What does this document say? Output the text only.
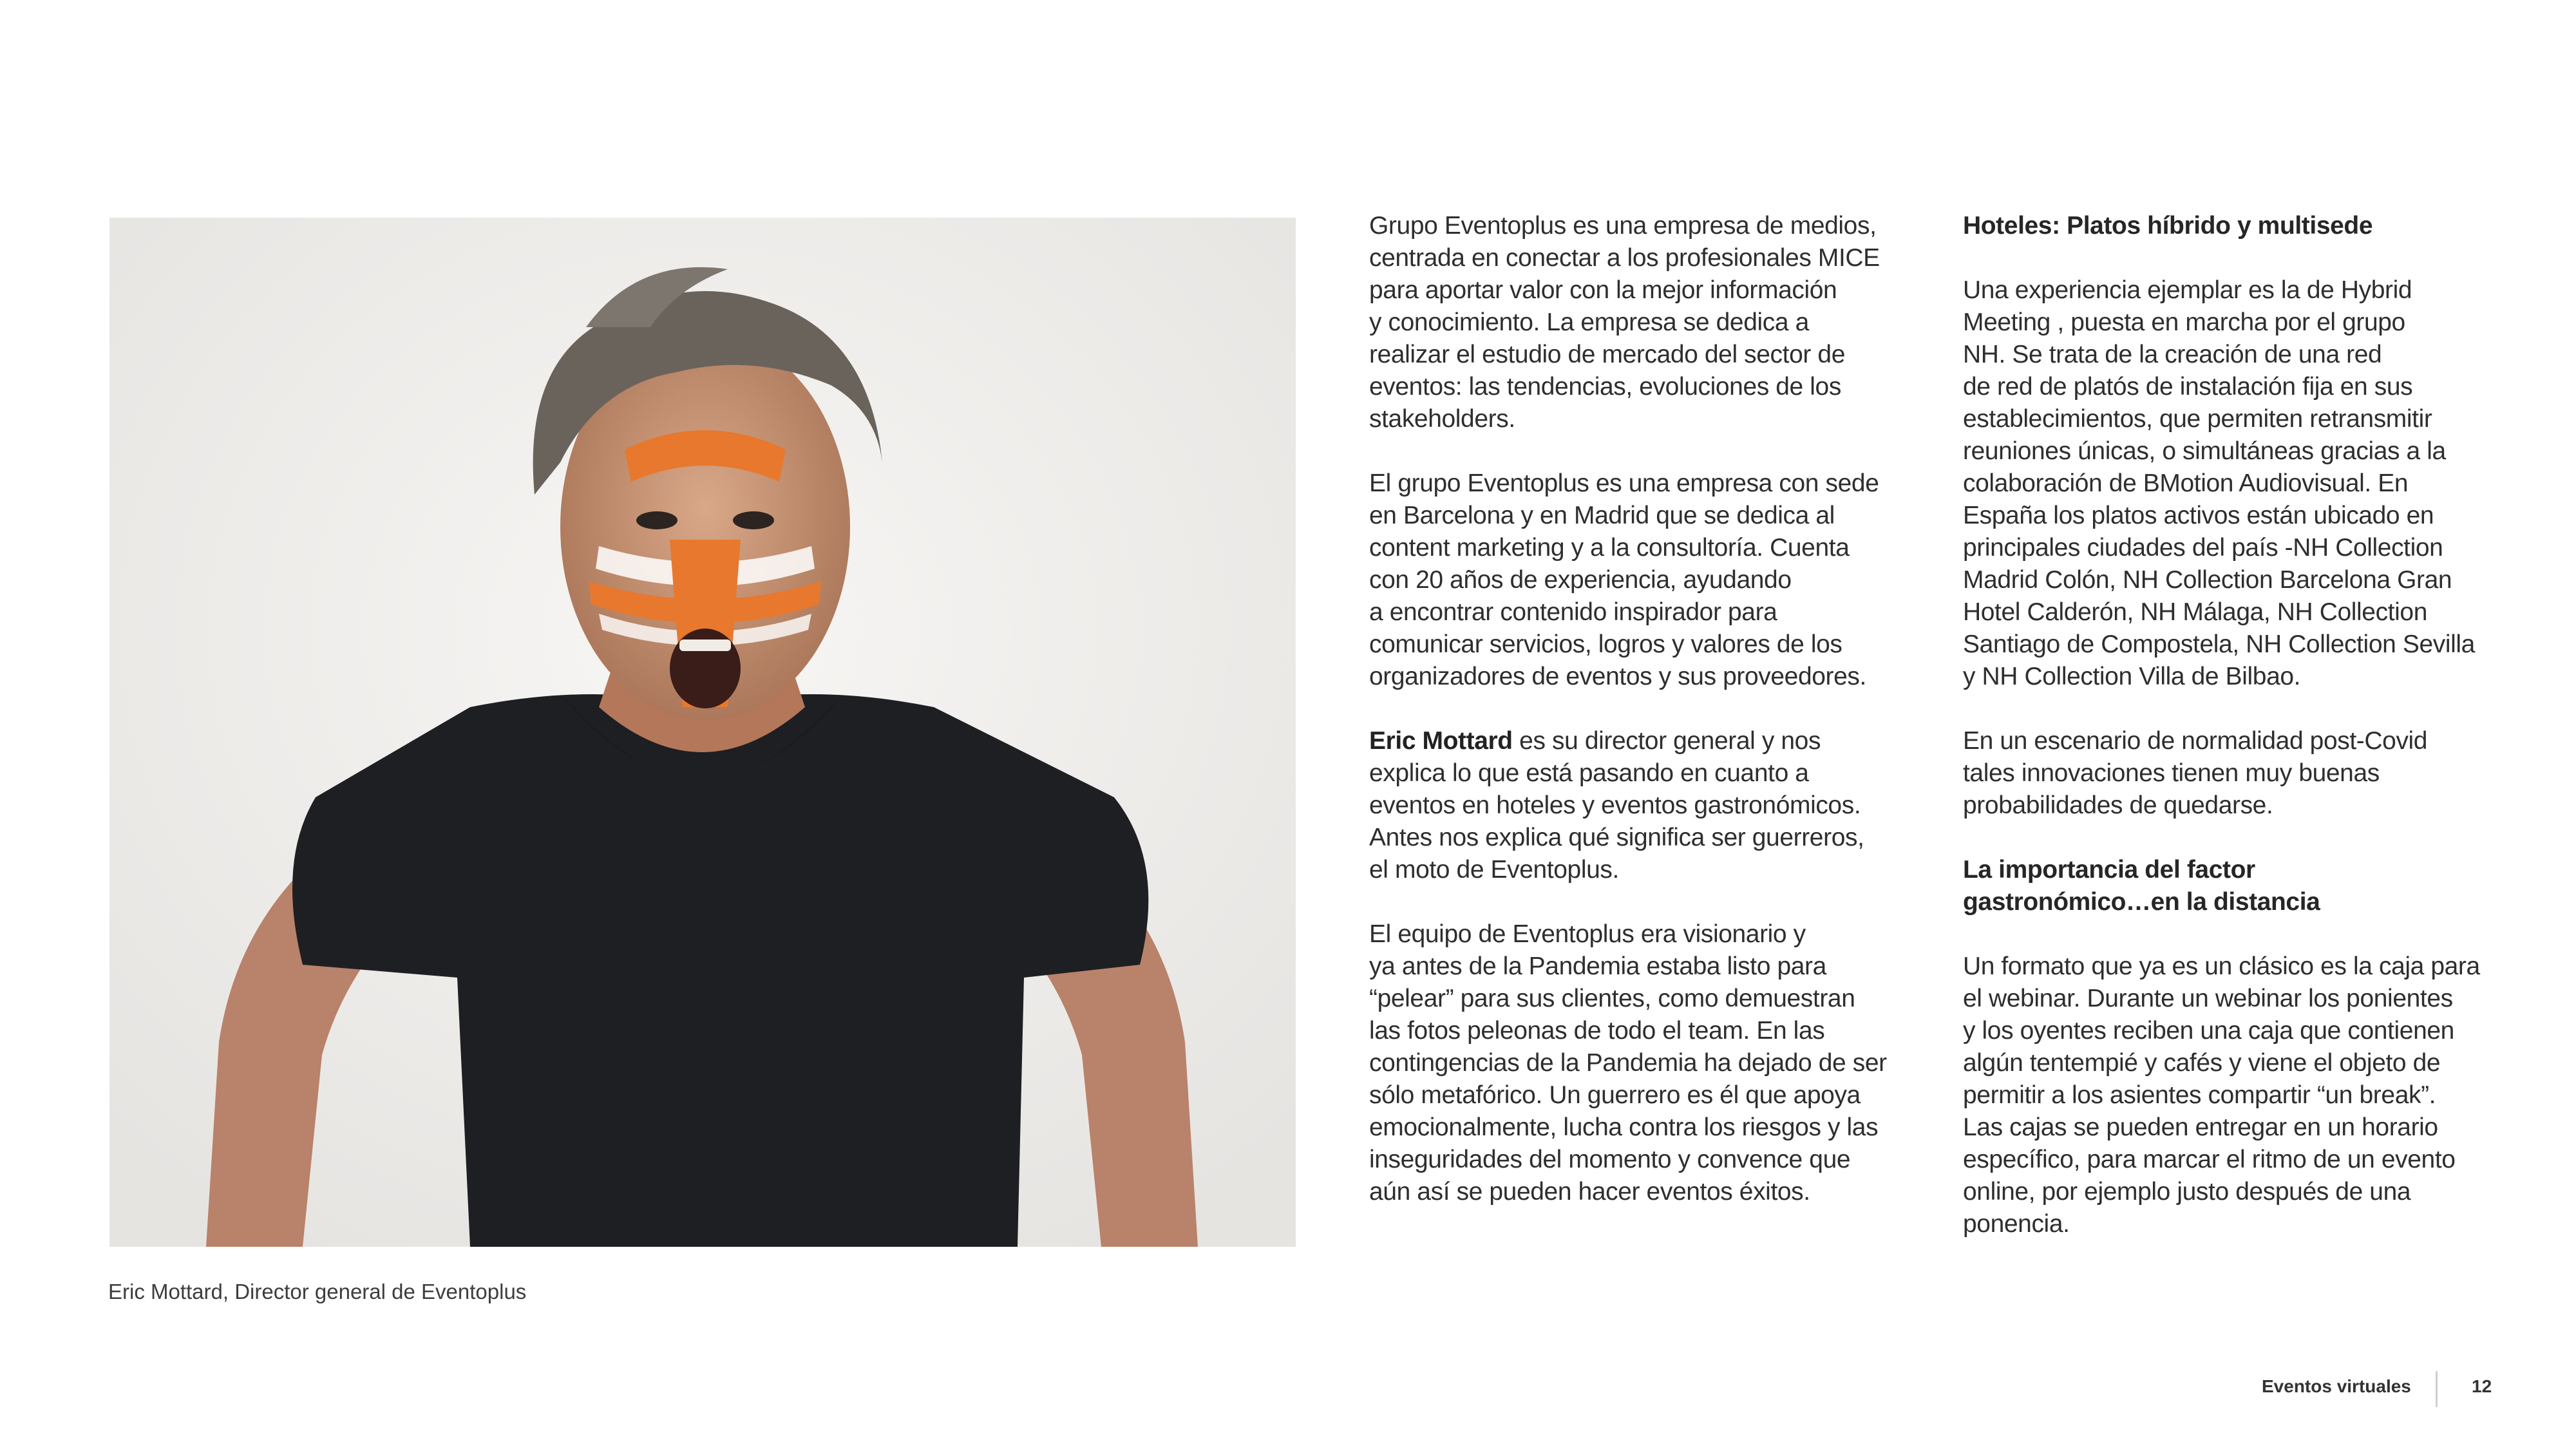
Eric Mottard, Director general de Eventoplus

Grupo Eventoplus es una empresa de medios,
centrada en conectar a los profesionales MICE
para aportar valor con la mejor información
y conocimiento. La empresa se dedica a
realizar el estudio de mercado del sector de
eventos: las tendencias, evoluciones de los
stakeholders.

El grupo Eventoplus es una empresa con sede
en Barcelona y en Madrid que se dedica al
content marketing y a la consultoría. Cuenta
con 20 años de experiencia, ayudando
a encontrar contenido inspirador para
comunicar servicios, logros y valores de los
organizadores de eventos y sus proveedores.

Eric Mottard es su director general y nos
explica lo que está pasando en cuanto a
eventos en hoteles y eventos gastronómicos.
Antes nos explica qué significa ser guerreros,
el moto de Eventoplus.

El equipo de Eventoplus era visionario y
ya antes de la Pandemia estaba listo para
“pelear” para sus clientes, como demuestran
las fotos peleonas de todo el team. En las
contingencias de la Pandemia ha dejado de ser
sólo metafórico. Un guerrero es él que apoya
emocionalmente, lucha contra los riesgos y las
inseguridades del momento y convence que
aún así se pueden hacer eventos éxitos.

Hoteles: Platos híbrido y multisede

Una experiencia ejemplar es la de Hybrid
Meeting , puesta en marcha por el grupo
NH. Se trata de la creación de una red
de red de platós de instalación fija en sus
establecimientos, que permiten retransmitir
reuniones únicas, o simultáneas gracias a la
colaboración de BMotion Audiovisual. En
España los platos activos están ubicado en
principales ciudades del país -NH Collection
Madrid Colón, NH Collection Barcelona Gran
Hotel Calderón, NH Málaga, NH Collection
Santiago de Compostela, NH Collection Sevilla
y NH Collection Villa de Bilbao.

En un escenario de normalidad post-Covid
tales innovaciones tienen muy buenas
probabilidades de quedarse.

La importancia del factor
gastronómico…en la distancia

Un formato que ya es un clásico es la caja para
el webinar. Durante un webinar los ponientes
y los oyentes reciben una caja que contienen
algún tentempié y cafés y viene el objeto de
permitir a los asientes compartir “un break”.
Las cajas se pueden entregar en un horario
específico, para marcar el ritmo de un evento
online, por ejemplo justo después de una
ponencia.

Eventos virtuales	12
